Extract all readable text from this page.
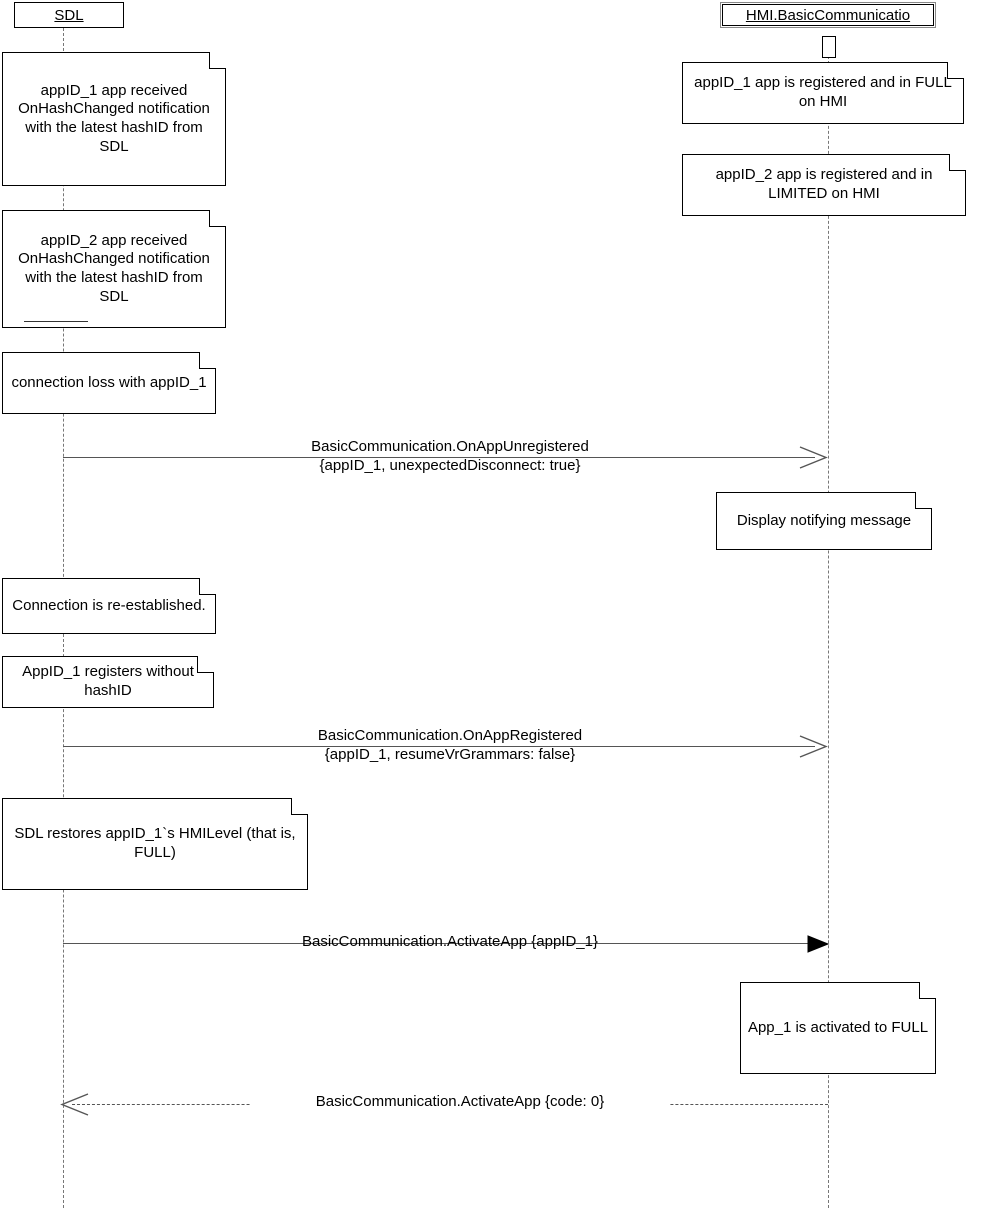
SDL	HMI.BasicCommunicatio
appID_1 app received OnHashChanged notification with the latest hashID from SDL
appID_2 app received OnHashChanged notification with the latest hashID from SDL
connection loss with appID_1
Connection is re-established.
AppID_1 registers without hashID
SDL restores appID_1`s HMILevel (that is, FULL)
appID_1 app is registered and in FULL on HMI
appID_2 app is registered and in LIMITED on HMI
Display notifying message
App_1 is activated to FULL
BasicCommunication.OnAppUnregistered
{appID_1, unexpectedDisconnect: true}
BasicCommunication.OnAppRegistered
{appID_1, resumeVrGrammars: false}
BasicCommunication.ActivateApp {appID_1}
BasicCommunication.ActivateApp {code: 0}
